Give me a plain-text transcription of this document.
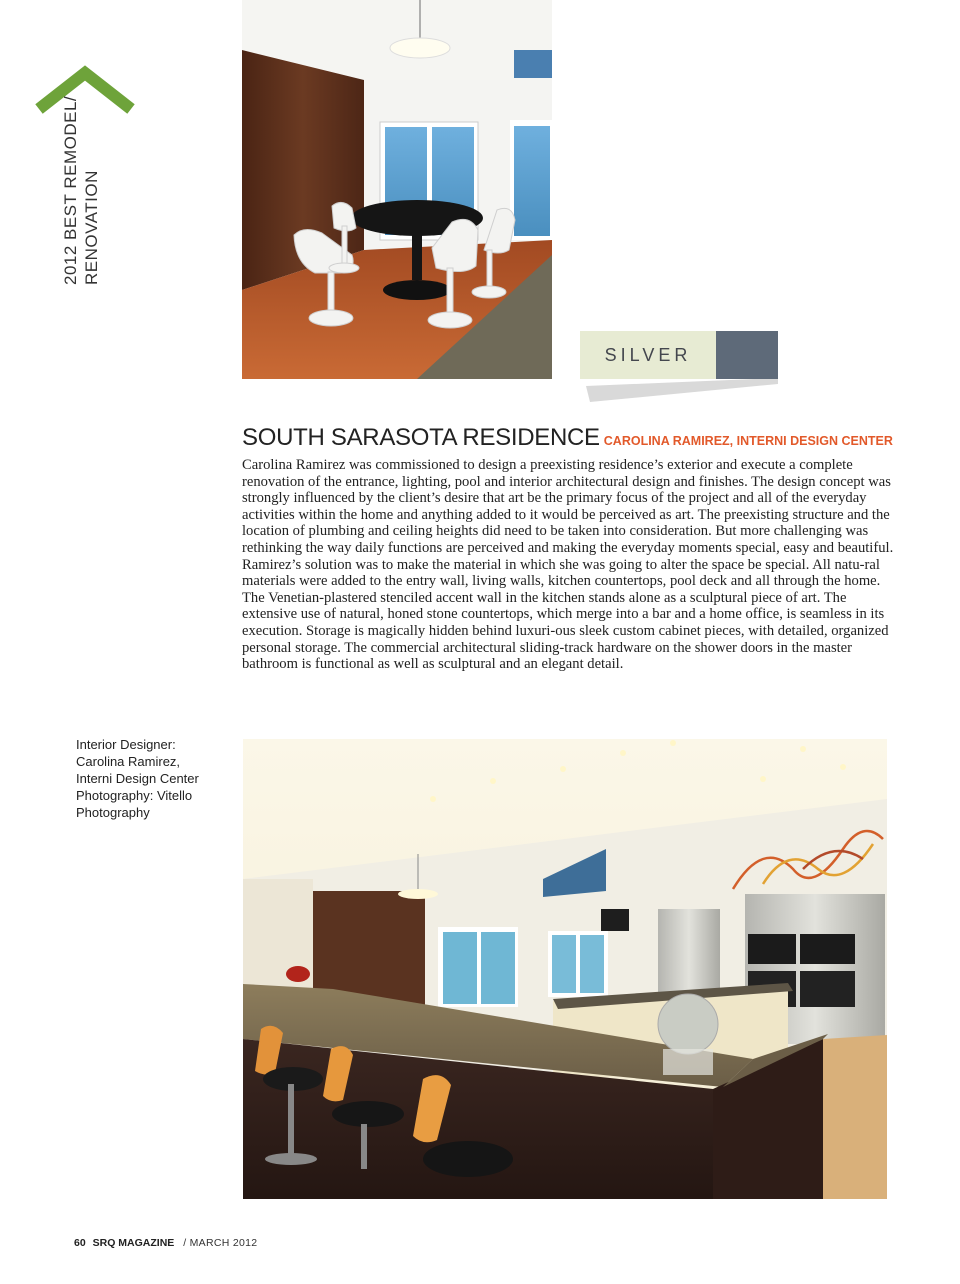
2012 BEST REMODEL/ RENOVATION
SILVER
SOUTH SARASOTA RESIDENCE CAROLINA RAMIREZ, INTERNI DESIGN CENTER
Carolina Ramirez was commissioned to design a preexisting residence’s exterior and execute a complete renovation of the entrance, lighting, pool and interior architectural design and finishes. The design concept was strongly influenced by the client’s desire that art be the primary focus of the project and all of the everyday activities within the home and anything added to it would be perceived as art. The preexisting structure and the location of plumbing and ceiling heights did need to be taken into consideration. But more challenging was rethinking the way daily functions are perceived and making the everyday moments special, easy and beautiful. Ramirez’s solution was to make the material in which she was going to alter the space be special. All natu-ral materials were added to the entry wall, living walls, kitchen countertops, pool deck and all through the home. The Venetian-plastered stenciled accent wall in the kitchen stands alone as a sculptural piece of art. The extensive use of natural, honed stone countertops, which merge into a bar and a home office, is seamless in its execution. Storage is magically hidden behind luxuri-ous sleek custom cabinet pieces, with detailed, organized personal storage. The commercial architectural sliding-track hardware on the shower doors in the master bathroom is functional as well as sculptural and an elegant detail.
Interior Designer:
Carolina Ramirez,
Interni Design Center
Photography: Vitello
Photography
60 SRQ MAGAZINE / MARCH 2012
